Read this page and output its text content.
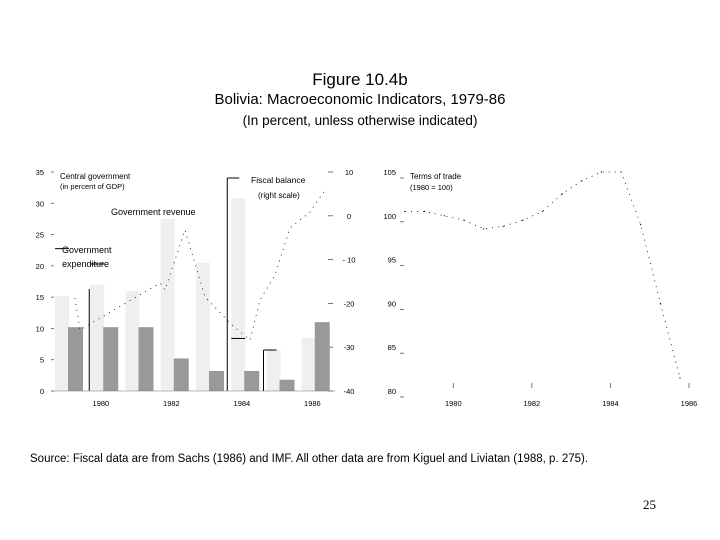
Figure 10.4b
Bolivia: Macroeconomic Indicators, 1979-86
(In percent, unless otherwise indicated)
0
5
10
15
20
25
30
35
-40
-30
-20
- 10
0
10
1980	1982	1984	1986
Central government
(in percent of GDP)
Government revenue
Fiscal balance
(right scale)
Government expenditure
80
85
90
95
100
105
1980	1982	1984	1986
Terms of trade
(1980 = 100)
Source: Fiscal data are from Sachs (1986) and IMF. All other data are from Kiguel and Liviatan (1988, p. 275).
25
